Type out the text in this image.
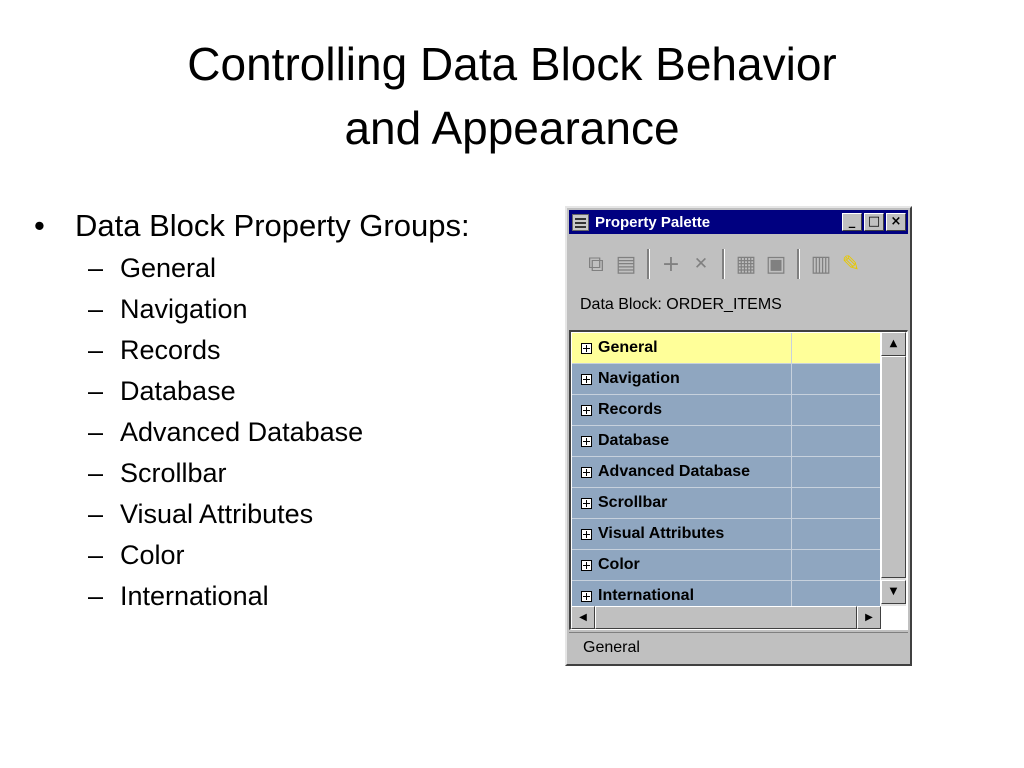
Controlling Data Block Behavior
and Appearance
• Data Block Property Groups:
– General
– Navigation
– Records
– Database
– Advanced Database
– Scrollbar
– Visual Attributes
– Color
– International
Property Palette	_ □ ×
⧉ ▤ + ✕	▦ ▣ ▥ ✎
Data Block: ORDER_ITEMS
General
Navigation
Records
Database
Advanced Database
Scrollbar
Visual Attributes
Color
International
▲
▼
◀	▶
General
